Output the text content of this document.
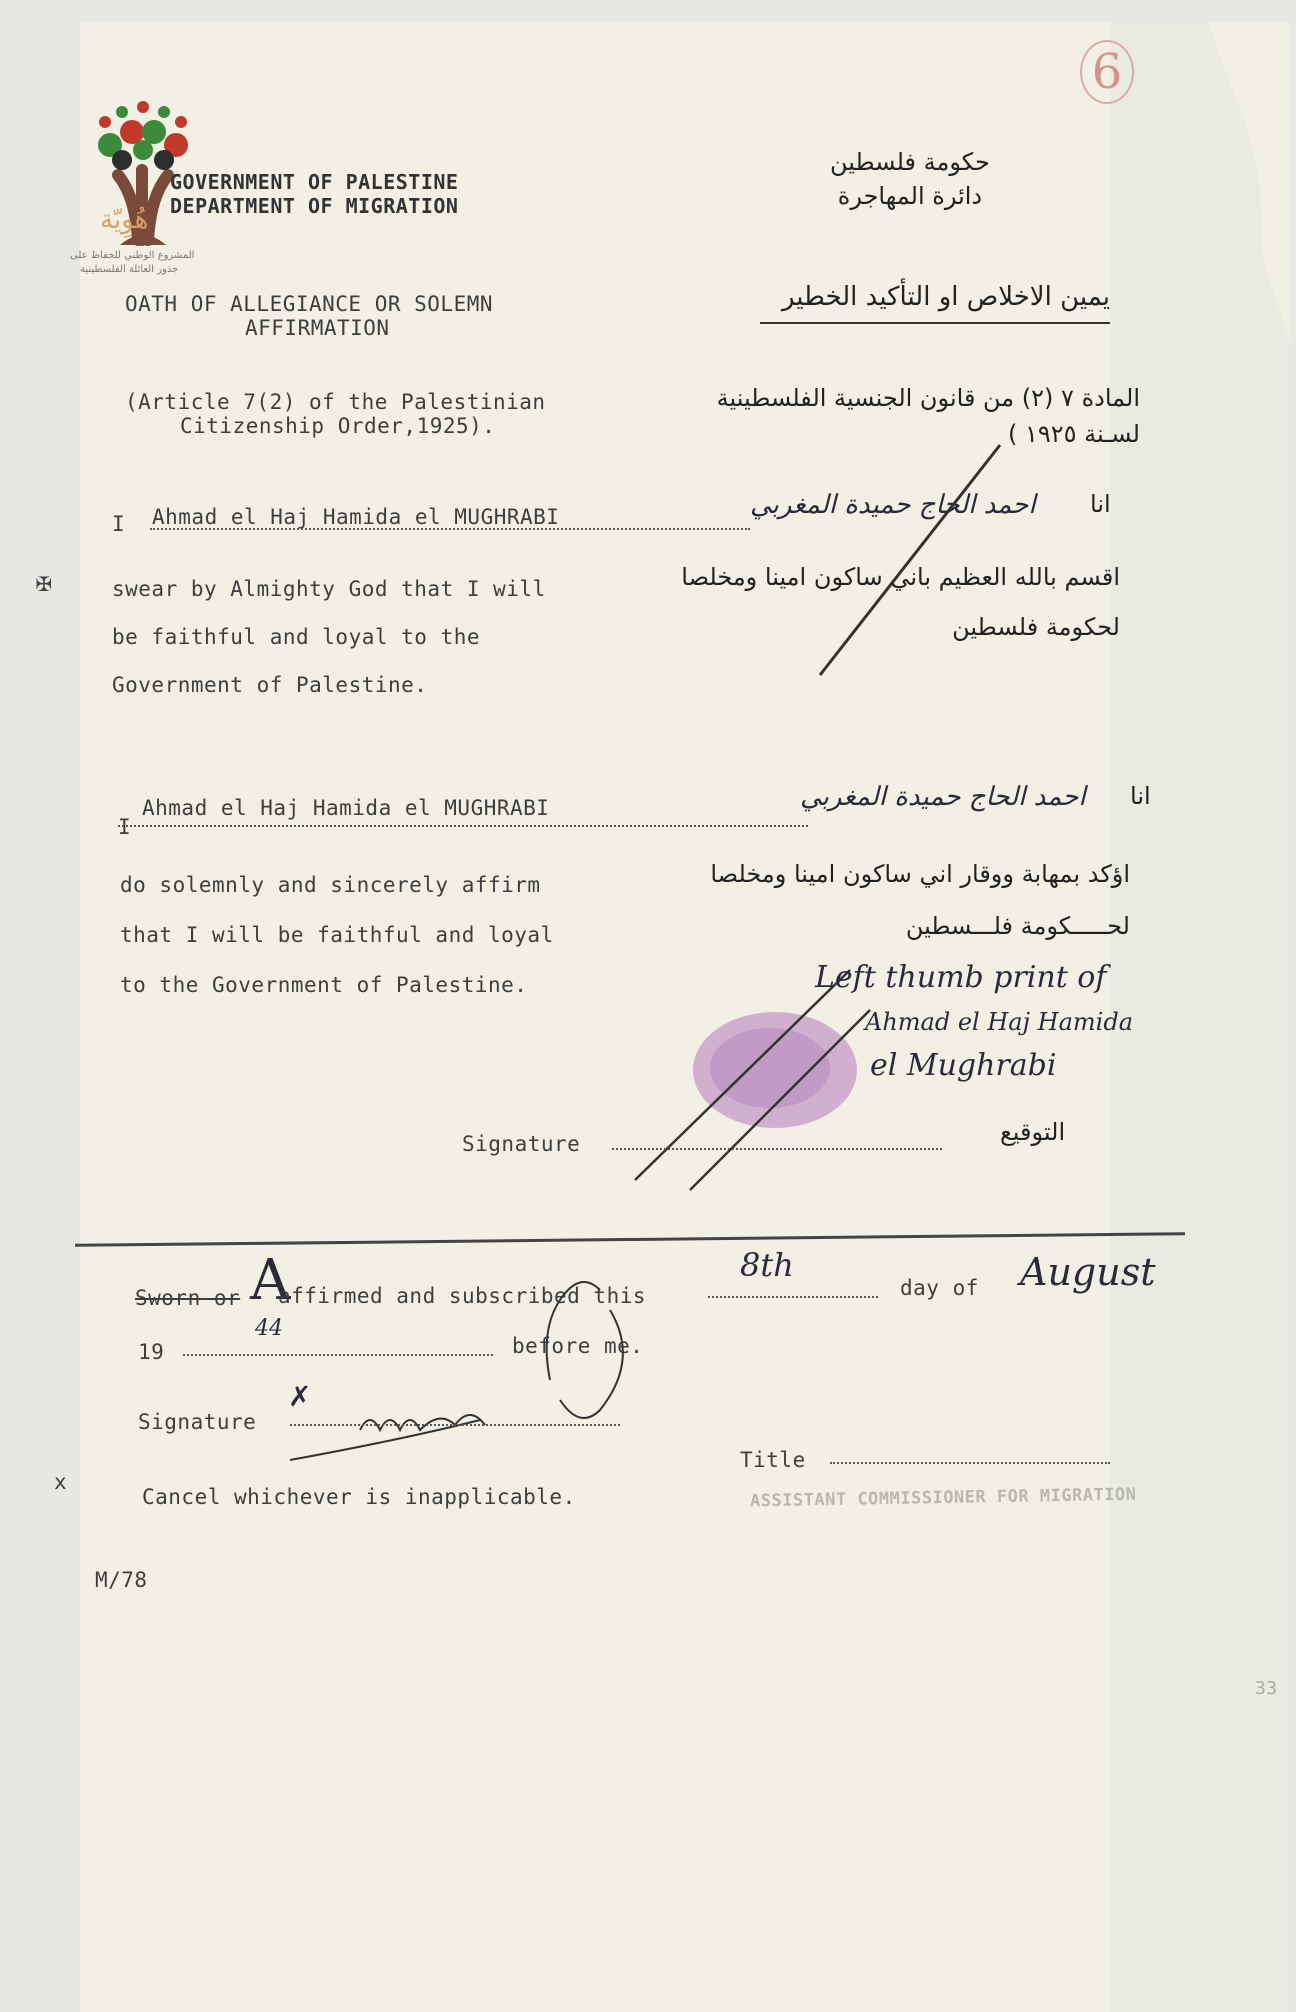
هُوِيّة
المشروع الوطني للحفاظ على
جذور العائلة الفلسطينية
6
GOVERNMENT OF PALESTINE
DEPARTMENT OF MIGRATION
حكومة فلسطين
دائرة المهاجرة
OATH OF ALLEGIANCE OR SOLEMN
AFFIRMATION
يمين الاخلاص او التأكيد الخطير
(Article 7(2) of the Palestinian
Citizenship Order,1925).
المادة ٧ (٢) من قانون الجنسية الفلسطينية
لسـنة ١٩٢٥ )
I Ahmad el Haj Hamida el MUGHRABI	احمد الحاج حميدة المغربي انا
✠	swear by Almighty God that I will
be faithful and loyal to the
Government of Palestine.
اقسم بالله العظيم باني ساكون امينا ومخلصا
لحكومة فلسطين
I
Ahmad el Haj Hamida el MUGHRABI	احمد الحاج حميدة المغربي انا
do solemnly and sincerely affirm
that I will be faithful and loyal
to the Government of Palestine.
اؤكد بمهابة ووقار اني ساكون امينا ومخلصا
لحـــــكومة فلـــسطين
Left thumb print of
Ahmad el Haj Hamida
el Mughrabi
Signature	التوقيع
Sworn or A
affirmed and subscribed this
8th
day of August
19
44
before me.
Signature
✗
Title
ASSISTANT COMMISSIONER FOR MIGRATION
x
Cancel whichever is inapplicable.
M/78
33
